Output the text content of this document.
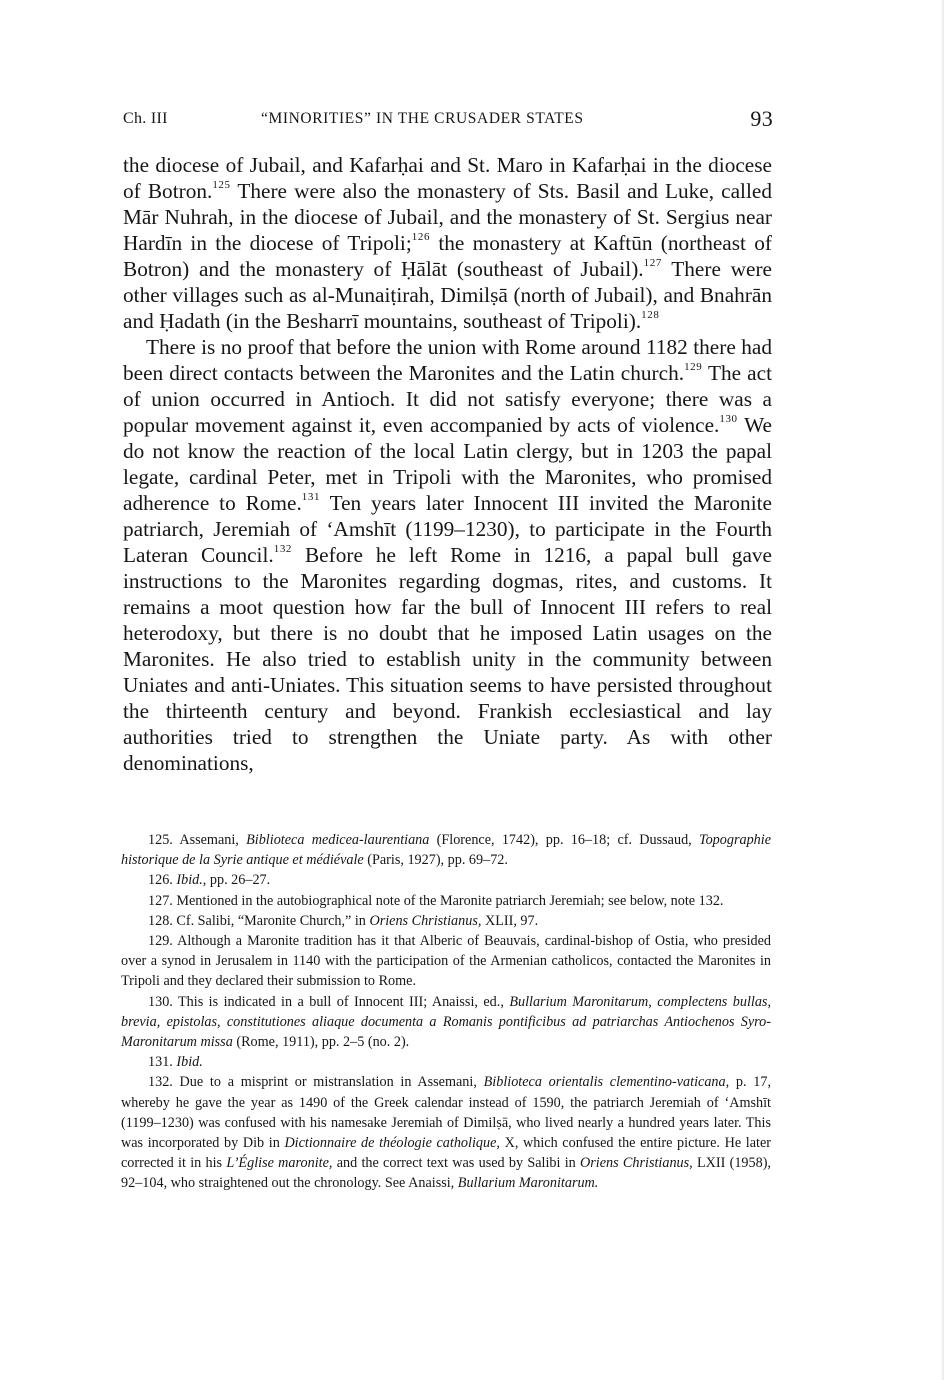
Ch. III	“MINORITIES” IN THE CRUSADER STATES	93

the diocese of Jubail, and Kafarḥai and St. Maro in Kafarḥai in the diocese of Botron.$^{125}$ There were also the monastery of Sts. Basil and Luke, called Mār Nuhrah, in the diocese of Jubail, and the monastery of St. Sergius near Hardīn in the diocese of Tripoli;$^{126}$ the monastery at Kaftūn (northeast of Botron) and the monastery of Ḥālāt (southeast of Jubail).$^{127}$ There were other villages such as al-Munaiṭirah, Dimilṣā (north of Jubail), and Bnahrān and Ḥadath (in the Besharrī mountains, southeast of Tripoli).$^{128}$

There is no proof that before the union with Rome around 1182 there had been direct contacts between the Maronites and the Latin church.$^{129}$ The act of union occurred in Antioch. It did not satisfy everyone; there was a popular movement against it, even accompanied by acts of violence.$^{130}$ We do not know the reaction of the local Latin clergy, but in 1203 the papal legate, cardinal Peter, met in Tripoli with the Maronites, who promised adherence to Rome.$^{131}$ Ten years later Innocent III invited the Maronite patriarch, Jeremiah of ‘Amshīt (1199–1230), to participate in the Fourth Lateran Council.$^{132}$ Before he left Rome in 1216, a papal bull gave instructions to the Maronites regarding dogmas, rites, and customs. It remains a moot question how far the bull of Innocent III refers to real heterodoxy, but there is no doubt that he imposed Latin usages on the Maronites. He also tried to establish unity in the community between Uniates and anti-Uniates. This situation seems to have persisted throughout the thirteenth century and beyond. Frankish ecclesiastical and lay authorities tried to strengthen the Uniate party. As with other denominations,

125. Assemani, Biblioteca medicea-laurentiana (Florence, 1742), pp. 16–18; cf. Dussaud, Topographie historique de la Syrie antique et médiévale (Paris, 1927), pp. 69–72.

126. Ibid., pp. 26–27.

127. Mentioned in the autobiographical note of the Maronite patriarch Jeremiah; see below, note 132.

128. Cf. Salibi, “Maronite Church,” in Oriens Christianus, XLII, 97.

129. Although a Maronite tradition has it that Alberic of Beauvais, cardinal-bishop of Ostia, who presided over a synod in Jerusalem in 1140 with the participation of the Armenian catholicos, contacted the Maronites in Tripoli and they declared their submission to Rome.

130. This is indicated in a bull of Innocent III; Anaissi, ed., Bullarium Maronitarum, complectens bullas, brevia, epistolas, constitutiones aliaque documenta a Romanis pontificibus ad patriarchas Antiochenos Syro-Maronitarum missa (Rome, 1911), pp. 2–5 (no. 2).

131. Ibid.

132. Due to a misprint or mistranslation in Assemani, Biblioteca orientalis clementino-vaticana, p. 17, whereby he gave the year as 1490 of the Greek calendar instead of 1590, the patriarch Jeremiah of ‘Amshīt (1199–1230) was confused with his namesake Jeremiah of Dimilṣā, who lived nearly a hundred years later. This was incorporated by Dib in Dictionnaire de théologie catholique, X, which confused the entire picture. He later corrected it in his L’Église maronite, and the correct text was used by Salibi in Oriens Christianus, LXII (1958), 92–104, who straightened out the chronology. See Anaissi, Bullarium Maronitarum.
